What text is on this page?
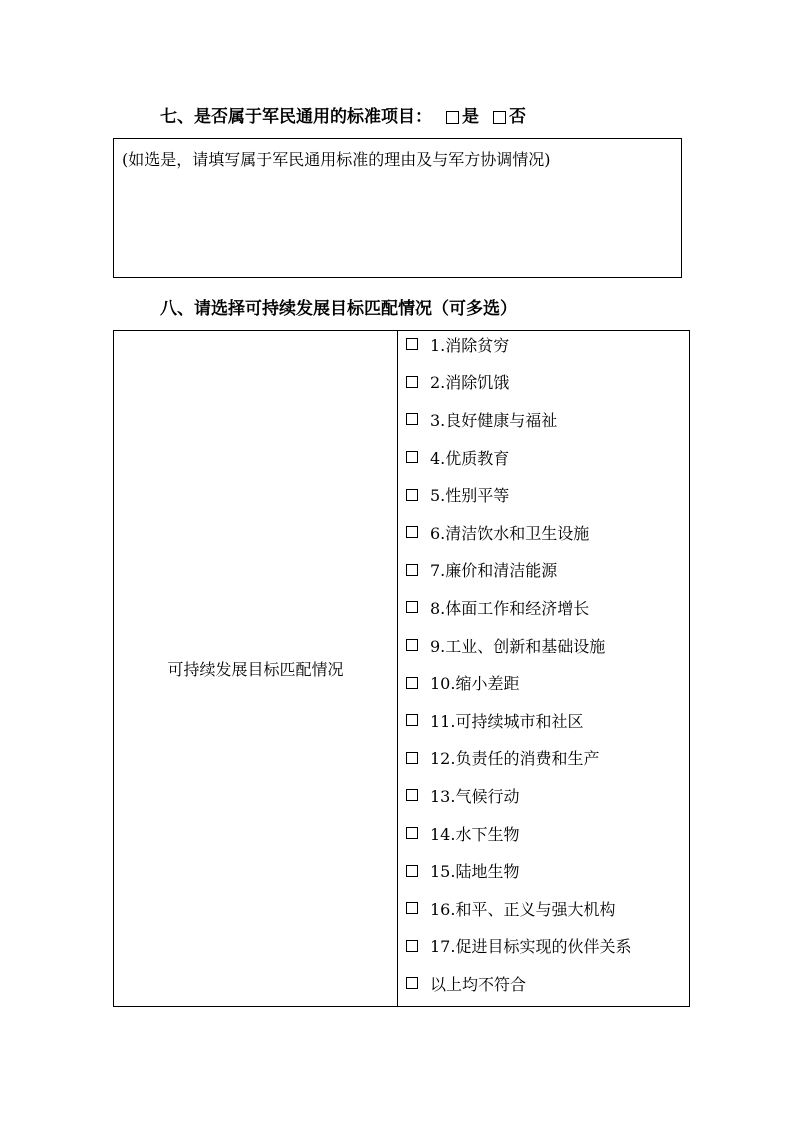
七、是否属于军民通用的标准项目： 是 否
(如选是，请填写属于军民通用标准的理由及与军方协调情况)
八、请选择可持续发展目标匹配情况（可多选）
可持续发展目标匹配情况
1.消除贫穷
2.消除饥饿
3.良好健康与福祉
4.优质教育
5.性别平等
6.清洁饮水和卫生设施
7.廉价和清洁能源
8.体面工作和经济增长
9.工业、创新和基础设施
10.缩小差距
11.可持续城市和社区
12.负责任的消费和生产
13.气候行动
14.水下生物
15.陆地生物
16.和平、正义与强大机构
17.促进目标实现的伙伴关系
以上均不符合
